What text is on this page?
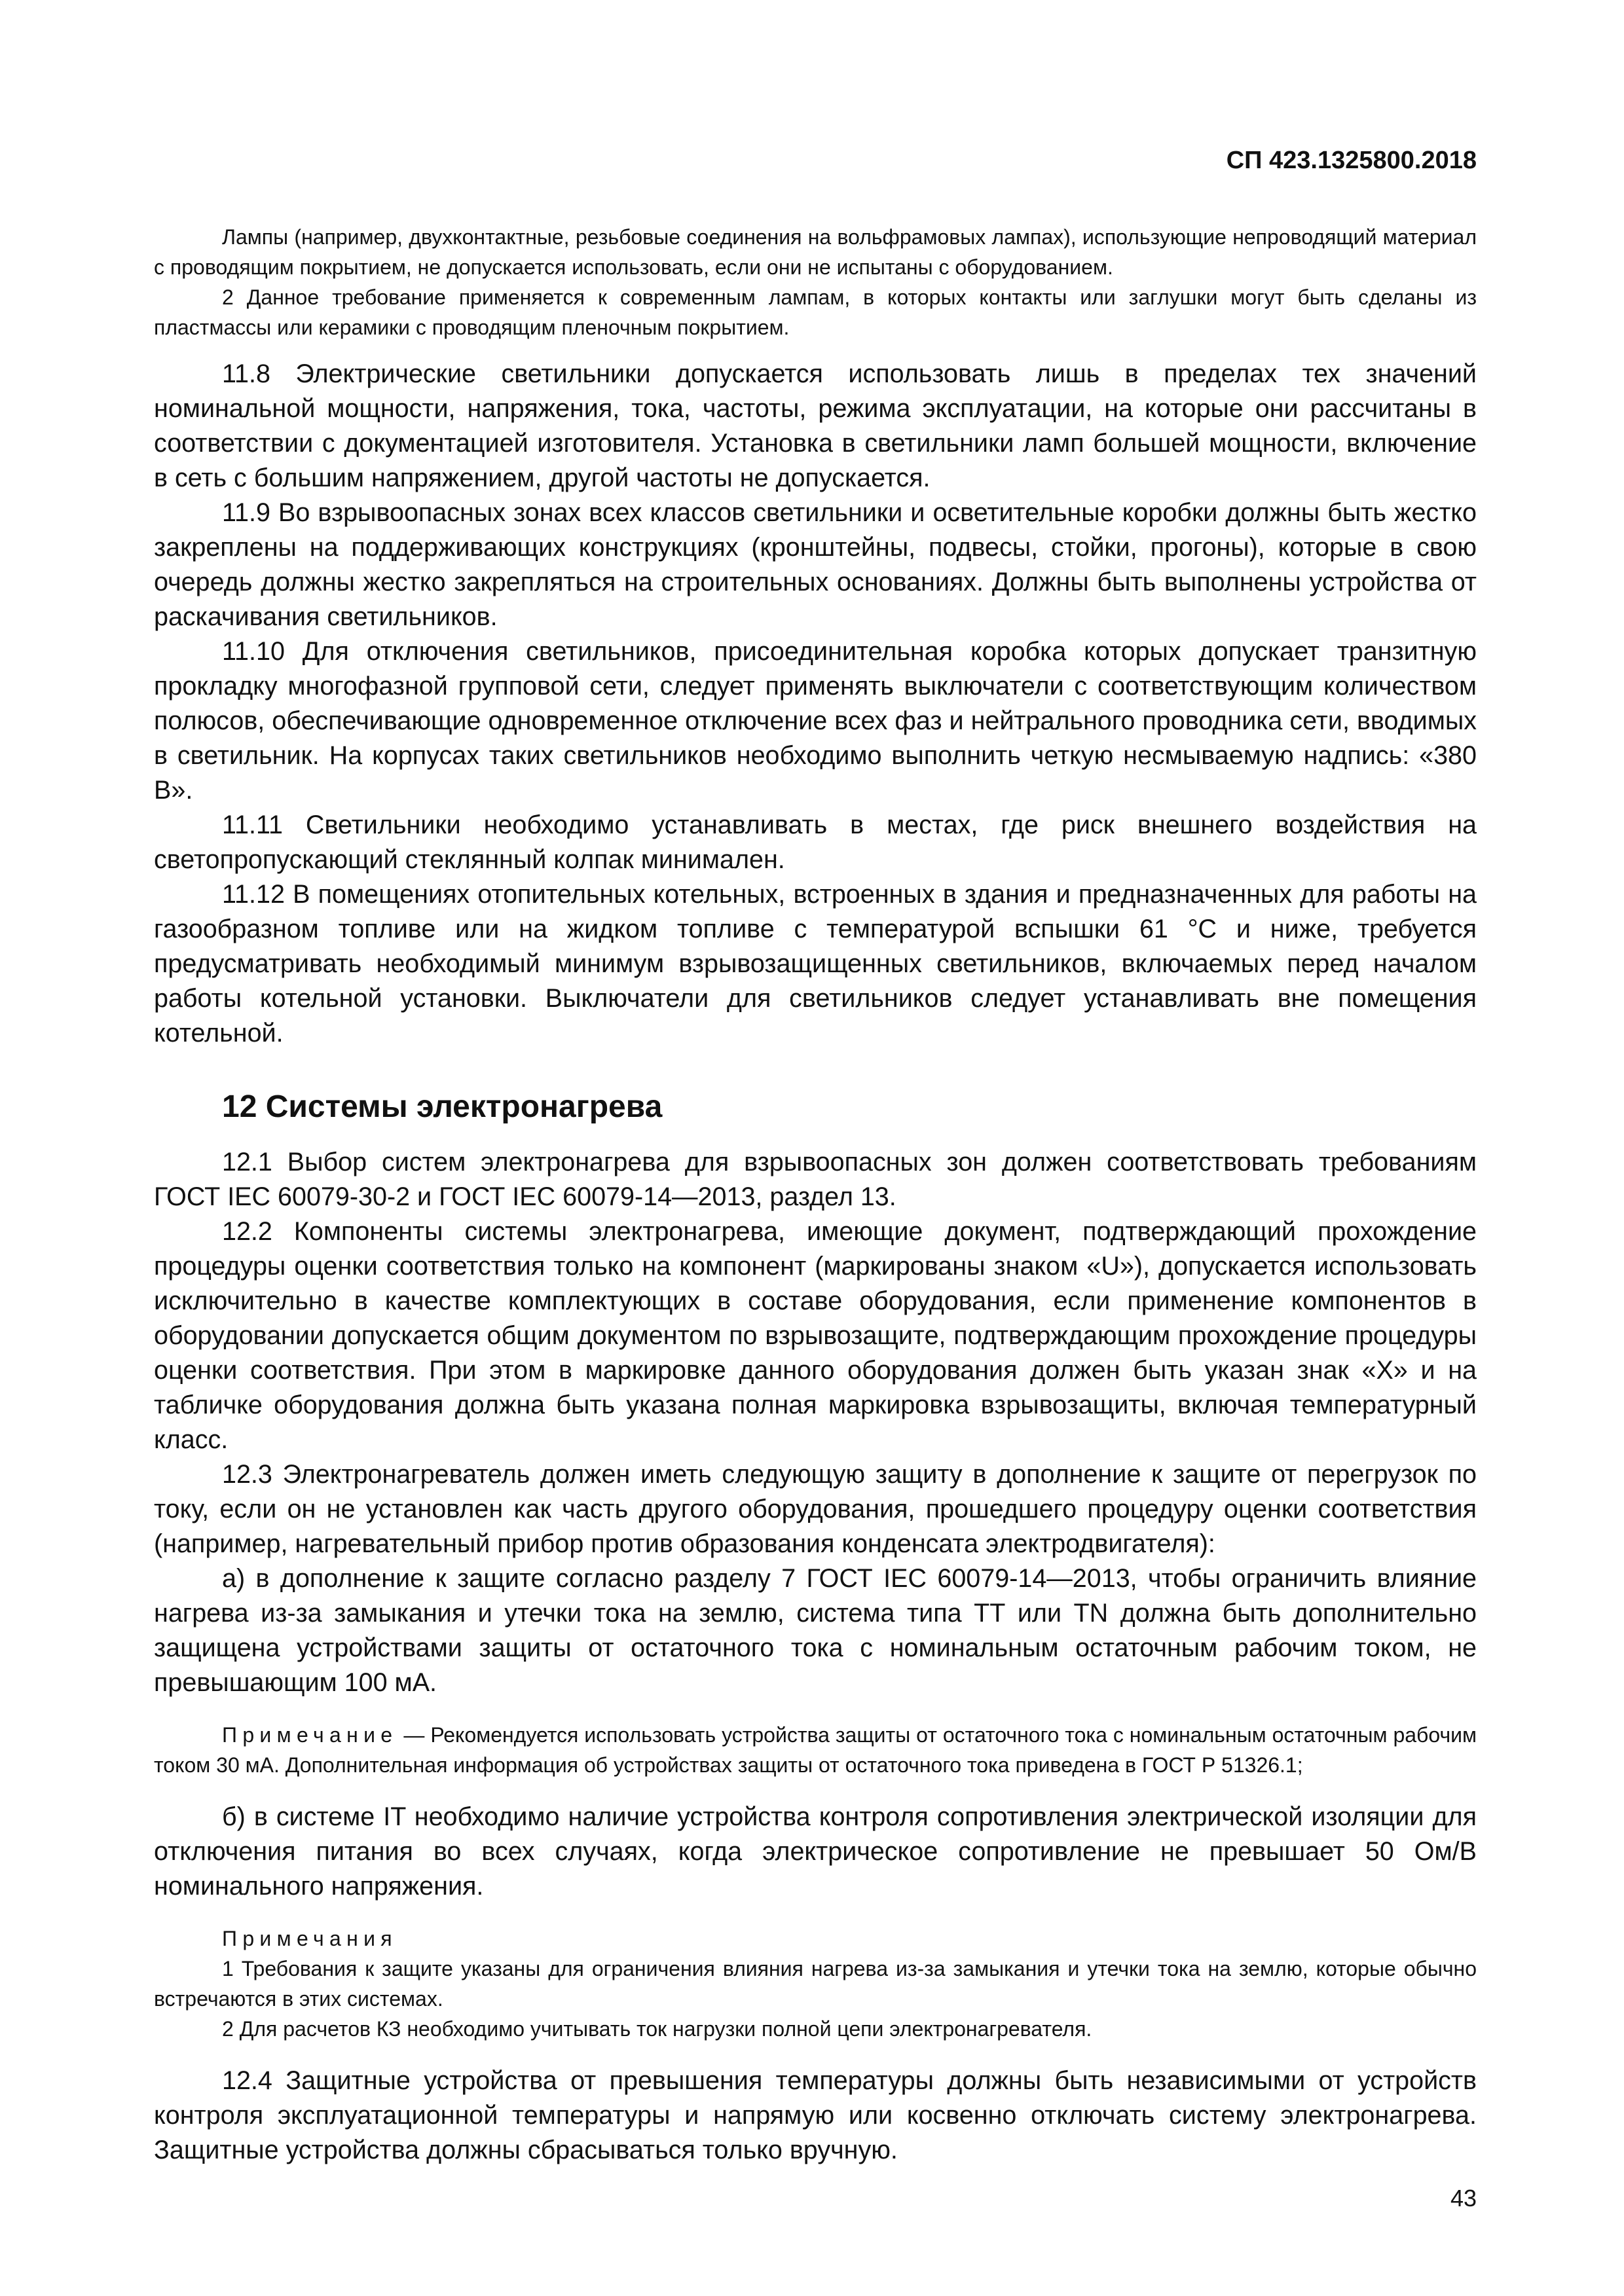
СП 423.1325800.2018

Лампы (например, двухконтактные, резьбовые соединения на вольфрамовых лампах), использующие непроводящий материал с проводящим покрытием, не допускается использовать, если они не испытаны с оборудованием.

2 Данное требование применяется к современным лампам, в которых контакты или заглушки могут быть сделаны из пластмассы или керамики с проводящим пленочным покрытием.

11.8 Электрические светильники допускается использовать лишь в пределах тех значений номинальной мощности, напряжения, тока, частоты, режима эксплуатации, на которые они рассчитаны в соответствии с документацией изготовителя. Установка в светильники ламп большей мощности, включение в сеть с большим напряжением, другой частоты не допускается.

11.9 Во взрывоопасных зонах всех классов светильники и осветительные коробки должны быть жестко закреплены на поддерживающих конструкциях (кронштейны, подвесы, стойки, прогоны), которые в свою очередь должны жестко закрепляться на строительных основаниях. Должны быть выполнены устройства от раскачивания светильников.

11.10 Для отключения светильников, присоединительная коробка которых допускает транзитную прокладку многофазной групповой сети, следует применять выключатели с соответствующим количеством полюсов, обеспечивающие одновременное отключение всех фаз и нейтрального проводника сети, вводимых в светильник. На корпусах таких светильников необходимо выполнить четкую несмываемую надпись: «380 В».

11.11 Светильники необходимо устанавливать в местах, где риск внешнего воздействия на светопропускающий стеклянный колпак минимален.

11.12 В помещениях отопительных котельных, встроенных в здания и предназначенных для работы на газообразном топливе или на жидком топливе с температурой вспышки 61 °С и ниже, требуется предусматривать необходимый минимум взрывозащищенных светильников, включаемых перед началом работы котельной установки. Выключатели для светильников следует устанавливать вне помещения котельной.

12 Системы электронагрева

12.1 Выбор систем электронагрева для взрывоопасных зон должен соответствовать требованиям ГОСТ IEC 60079-30-2 и ГОСТ IEC 60079-14—2013, раздел 13.

12.2 Компоненты системы электронагрева, имеющие документ, подтверждающий прохождение процедуры оценки соответствия только на компонент (маркированы знаком «U»), допускается использовать исключительно в качестве комплектующих в составе оборудования, если применение компонентов в оборудовании допускается общим документом по взрывозащите, подтверждающим прохождение процедуры оценки соответствия. При этом в маркировке данного оборудования должен быть указан знак «X» и на табличке оборудования должна быть указана полная маркировка взрывозащиты, включая температурный класс.

12.3 Электронагреватель должен иметь следующую защиту в дополнение к защите от перегрузок по току, если он не установлен как часть другого оборудования, прошедшего процедуру оценки соответствия (например, нагревательный прибор против образования конденсата электродвигателя):

а) в дополнение к защите согласно разделу 7 ГОСТ IEC 60079-14—2013, чтобы ограничить влияние нагрева из-за замыкания и утечки тока на землю, система типа ТТ или TN должна быть дополнительно защищена устройствами защиты от остаточного тока с номинальным остаточным рабочим током, не превышающим 100 мА.

Примечание — Рекомендуется использовать устройства защиты от остаточного тока с номинальным остаточным рабочим током 30 мА. Дополнительная информация об устройствах защиты от остаточного тока приведена в ГОСТ Р 51326.1;

б) в системе IT необходимо наличие устройства контроля сопротивления электрической изоляции для отключения питания во всех случаях, когда электрическое сопротивление не превышает 50 Ом/В номинального напряжения.

Примечания

1 Требования к защите указаны для ограничения влияния нагрева из-за замыкания и утечки тока на землю, которые обычно встречаются в этих системах.

2 Для расчетов КЗ необходимо учитывать ток нагрузки полной цепи электронагревателя.

12.4 Защитные устройства от превышения температуры должны быть независимыми от устройств контроля эксплуатационной температуры и напрямую или косвенно отключать систему электронагрева. Защитные устройства должны сбрасываться только вручную.

43
